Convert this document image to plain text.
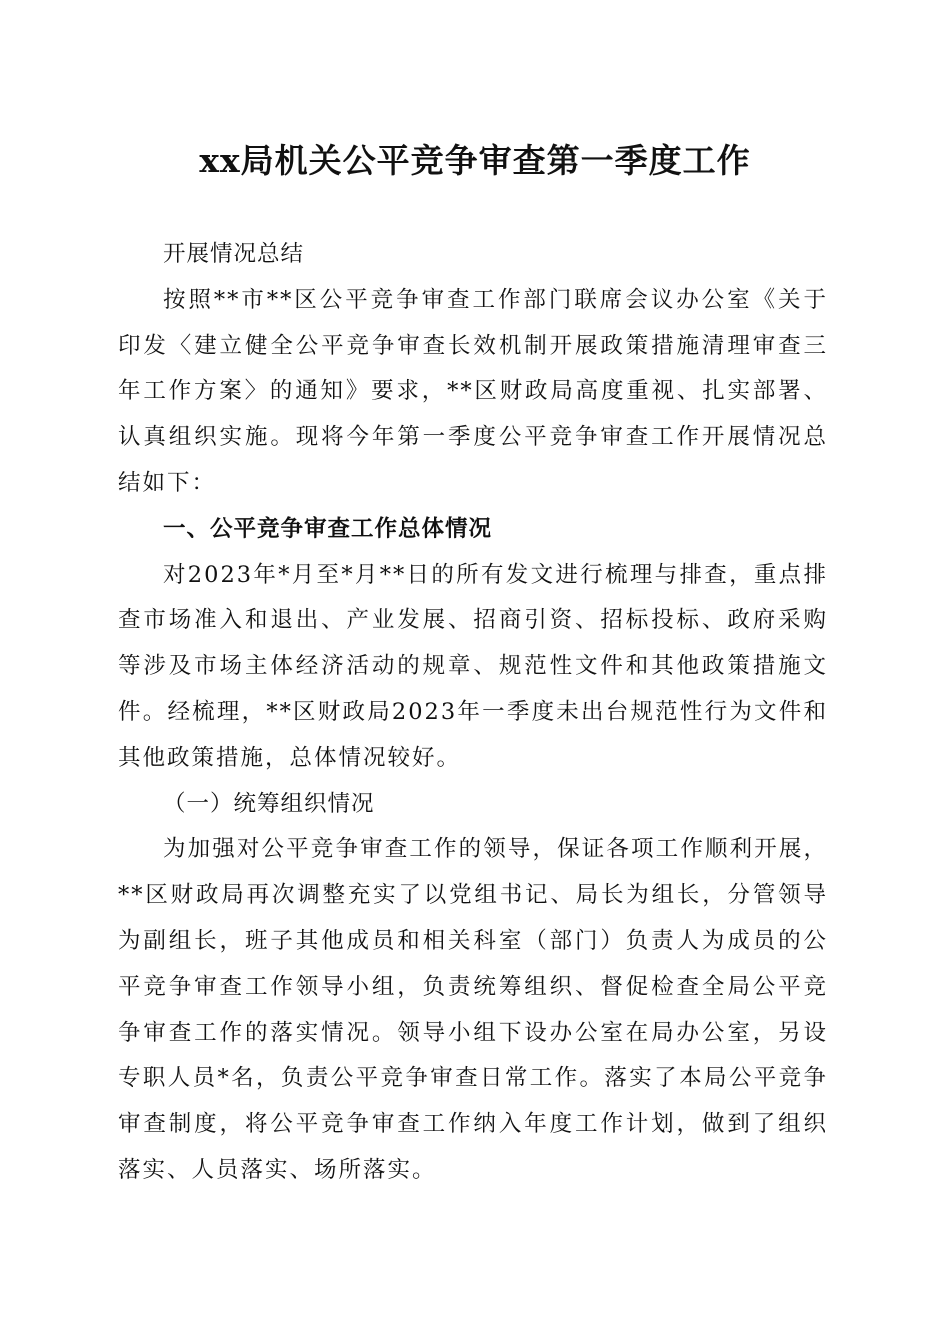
xx局机关公平竞争审查第一季度工作

开展情况总结

按照**市**区公平竞争审查工作部门联席会议办公室《关于印发〈建立健全公平竞争审查长效机制开展政策措施清理审查三年工作方案〉的通知》要求，**区财政局高度重视、扎实部署、认真组织实施。现将今年第一季度公平竞争审查工作开展情况总结如下：

一、公平竞争审查工作总体情况

对2023年*月至*月**日的所有发文进行梳理与排查，重点排查市场准入和退出、产业发展、招商引资、招标投标、政府采购等涉及市场主体经济活动的规章、规范性文件和其他政策措施文件。经梳理，**区财政局2023年一季度未出台规范性行为文件和其他政策措施，总体情况较好。

（一）统筹组织情况

为加强对公平竞争审查工作的领导，保证各项工作顺利开展，**区财政局再次调整充实了以党组书记、局长为组长，分管领导为副组长，班子其他成员和相关科室（部门）负责人为成员的公平竞争审查工作领导小组，负责统筹组织、督促检查全局公平竞争审查工作的落实情况。领导小组下设办公室在局办公室，另设专职人员*名，负责公平竞争审查日常工作。落实了本局公平竞争审查制度，将公平竞争审查工作纳入年度工作计划，做到了组织落实、人员落实、场所落实。
